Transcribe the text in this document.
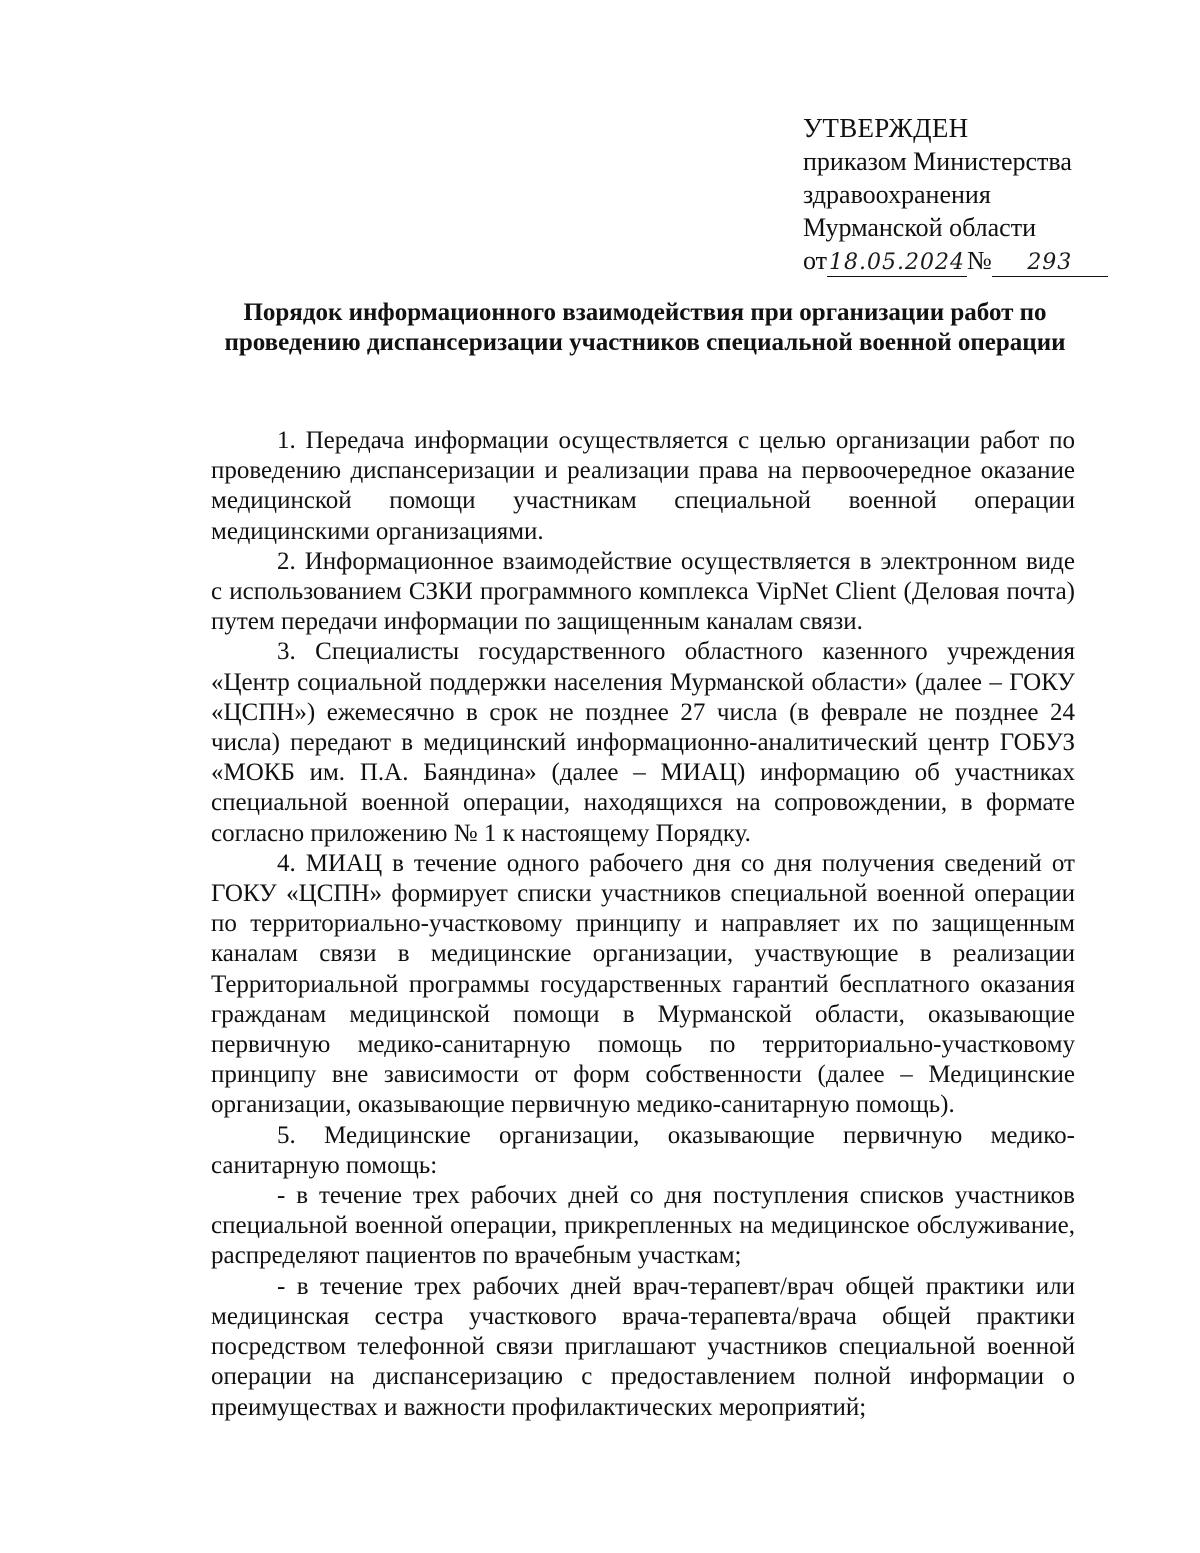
УТВЕРЖДЕН
приказом Министерства
здравоохранения
Мурманской области
от18.05.2024№ 293
Порядок информационного взаимодействия при организации работ по проведению диспансеризации участников специальной военной операции

1. Передача информации осуществляется с целью организации работ по проведению диспансеризации и реализации права на первоочередное оказание медицинской помощи участникам специальной военной операции медицинскими организациями.

2. Информационное взаимодействие осуществляется в электронном виде с использованием СЗКИ программного комплекса VipNet Client (Деловая почта) путем передачи информации по защищенным каналам связи.

3. Специалисты государственного областного казенного учреждения «Центр социальной поддержки населения Мурманской области» (далее – ГОКУ «ЦСПН») ежемесячно в срок не позднее 27 числа (в феврале не позднее 24 числа) передают в медицинский информационно-аналитический центр ГОБУЗ «МОКБ им. П.А. Баяндина» (далее – МИАЦ) информацию об участниках специальной военной операции, находящихся на сопровождении, в формате согласно приложению № 1 к настоящему Порядку.

4. МИАЦ в течение одного рабочего дня со дня получения сведений от ГОКУ «ЦСПН» формирует списки участников специальной военной операции по территориально-участковому принципу и направляет их по защищенным каналам связи в медицинские организации, участвующие в реализации Территориальной программы государственных гарантий бесплатного оказания гражданам медицинской помощи в Мурманской области, оказывающие первичную медико-санитарную помощь по территориально-участковому принципу вне зависимости от форм собственности (далее – Медицинские организации, оказывающие первичную медико-санитарную помощь).

5. Медицинские организации, оказывающие первичную медико-санитарную помощь:

- в течение трех рабочих дней со дня поступления списков участников специальной военной операции, прикрепленных на медицинское обслуживание, распределяют пациентов по врачебным участкам;

- в течение трех рабочих дней врач-терапевт/врач общей практики или медицинская сестра участкового врача-терапевта/врача общей практики посредством телефонной связи приглашают участников специальной военной операции на диспансеризацию с предоставлением полной информации о преимуществах и важности профилактических мероприятий;
